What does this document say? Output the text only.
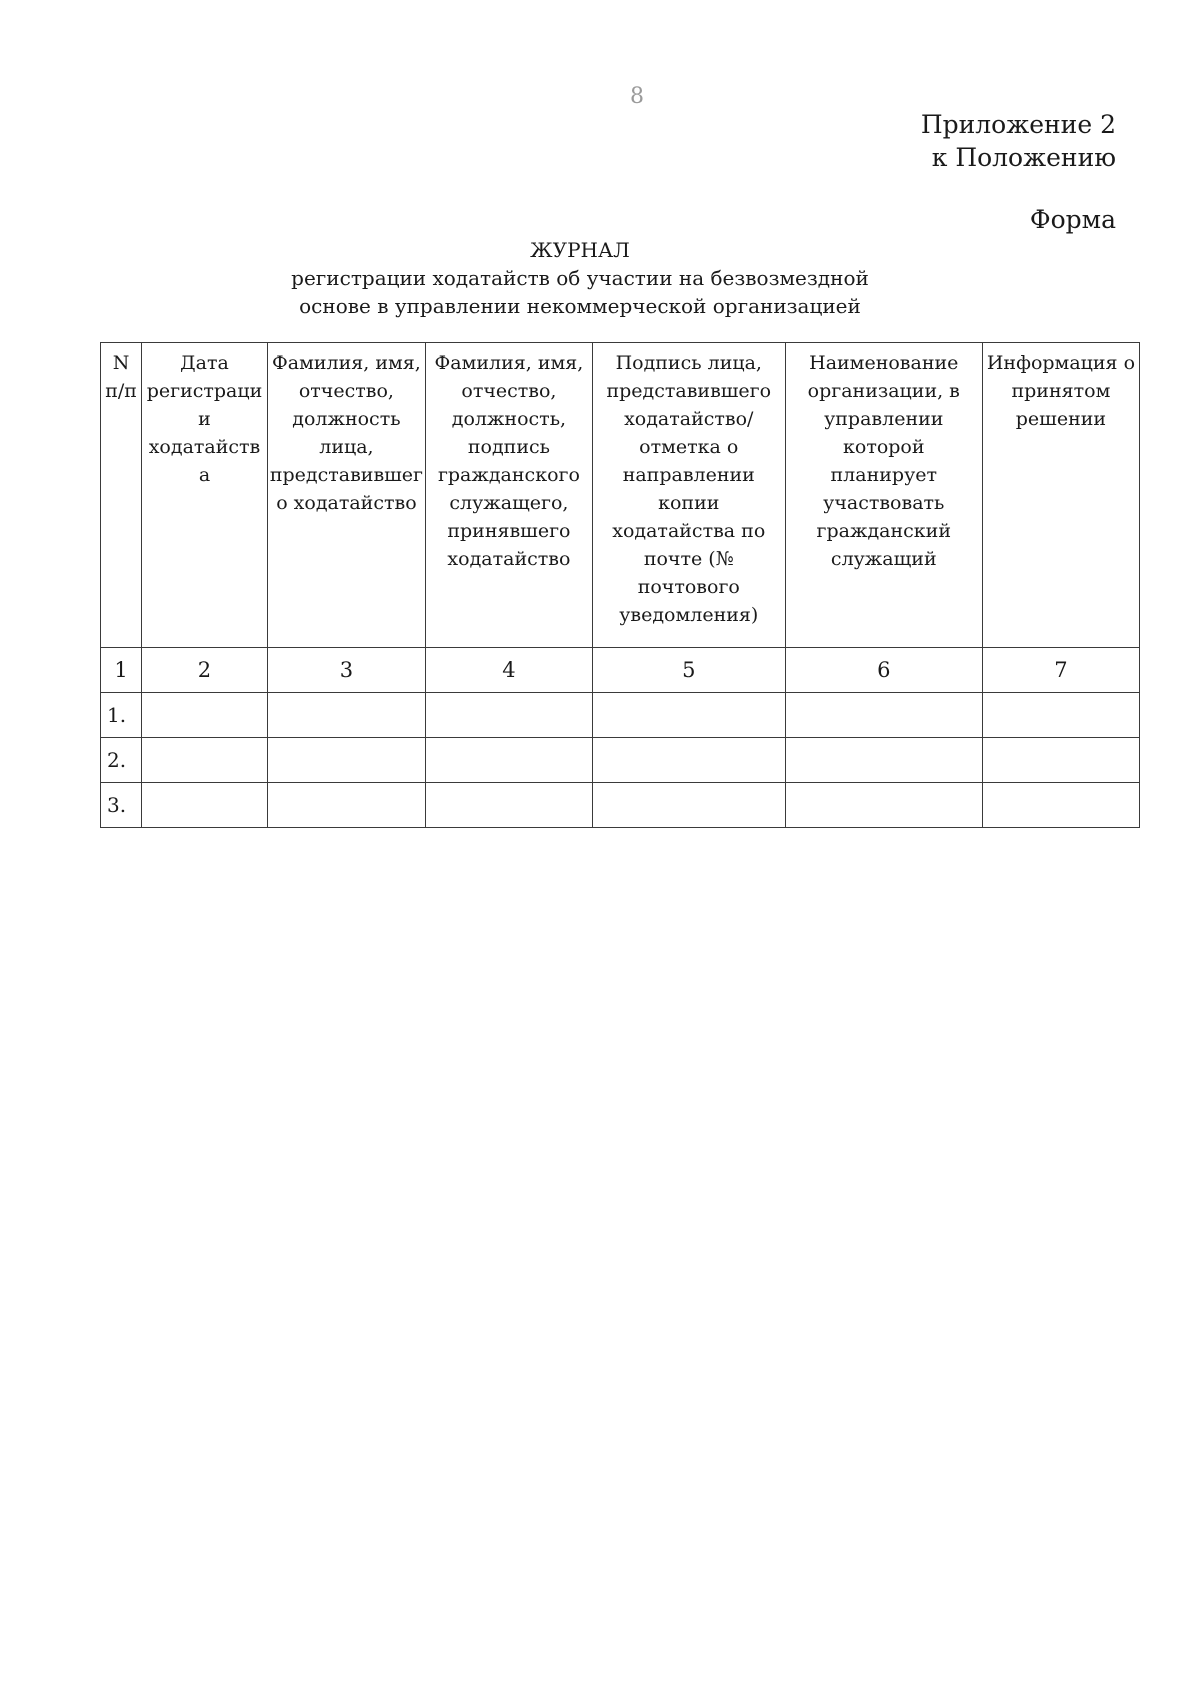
8
Приложение 2
к Положению
Форма
ЖУРНАЛ
регистрации ходатайств об участии на безвозмездной
основе в управлении некоммерческой организацией
N п/п	Дата регистрации ходатайства	Фамилия, имя, отчество, должность лица, представившего ходатайство	Фамилия, имя, отчество, должность, подпись гражданского служащего, принявшего ходатайство	Подпись лица, представившего ходатайство/отметка о направлении копии ходатайства по почте (№ почтового уведомления)	Наименование организации, в управлении которой планирует участвовать гражданский служащий	Информация о принятом решении
1	2	3	4	5	6	7
1.						
2.						
3.						
